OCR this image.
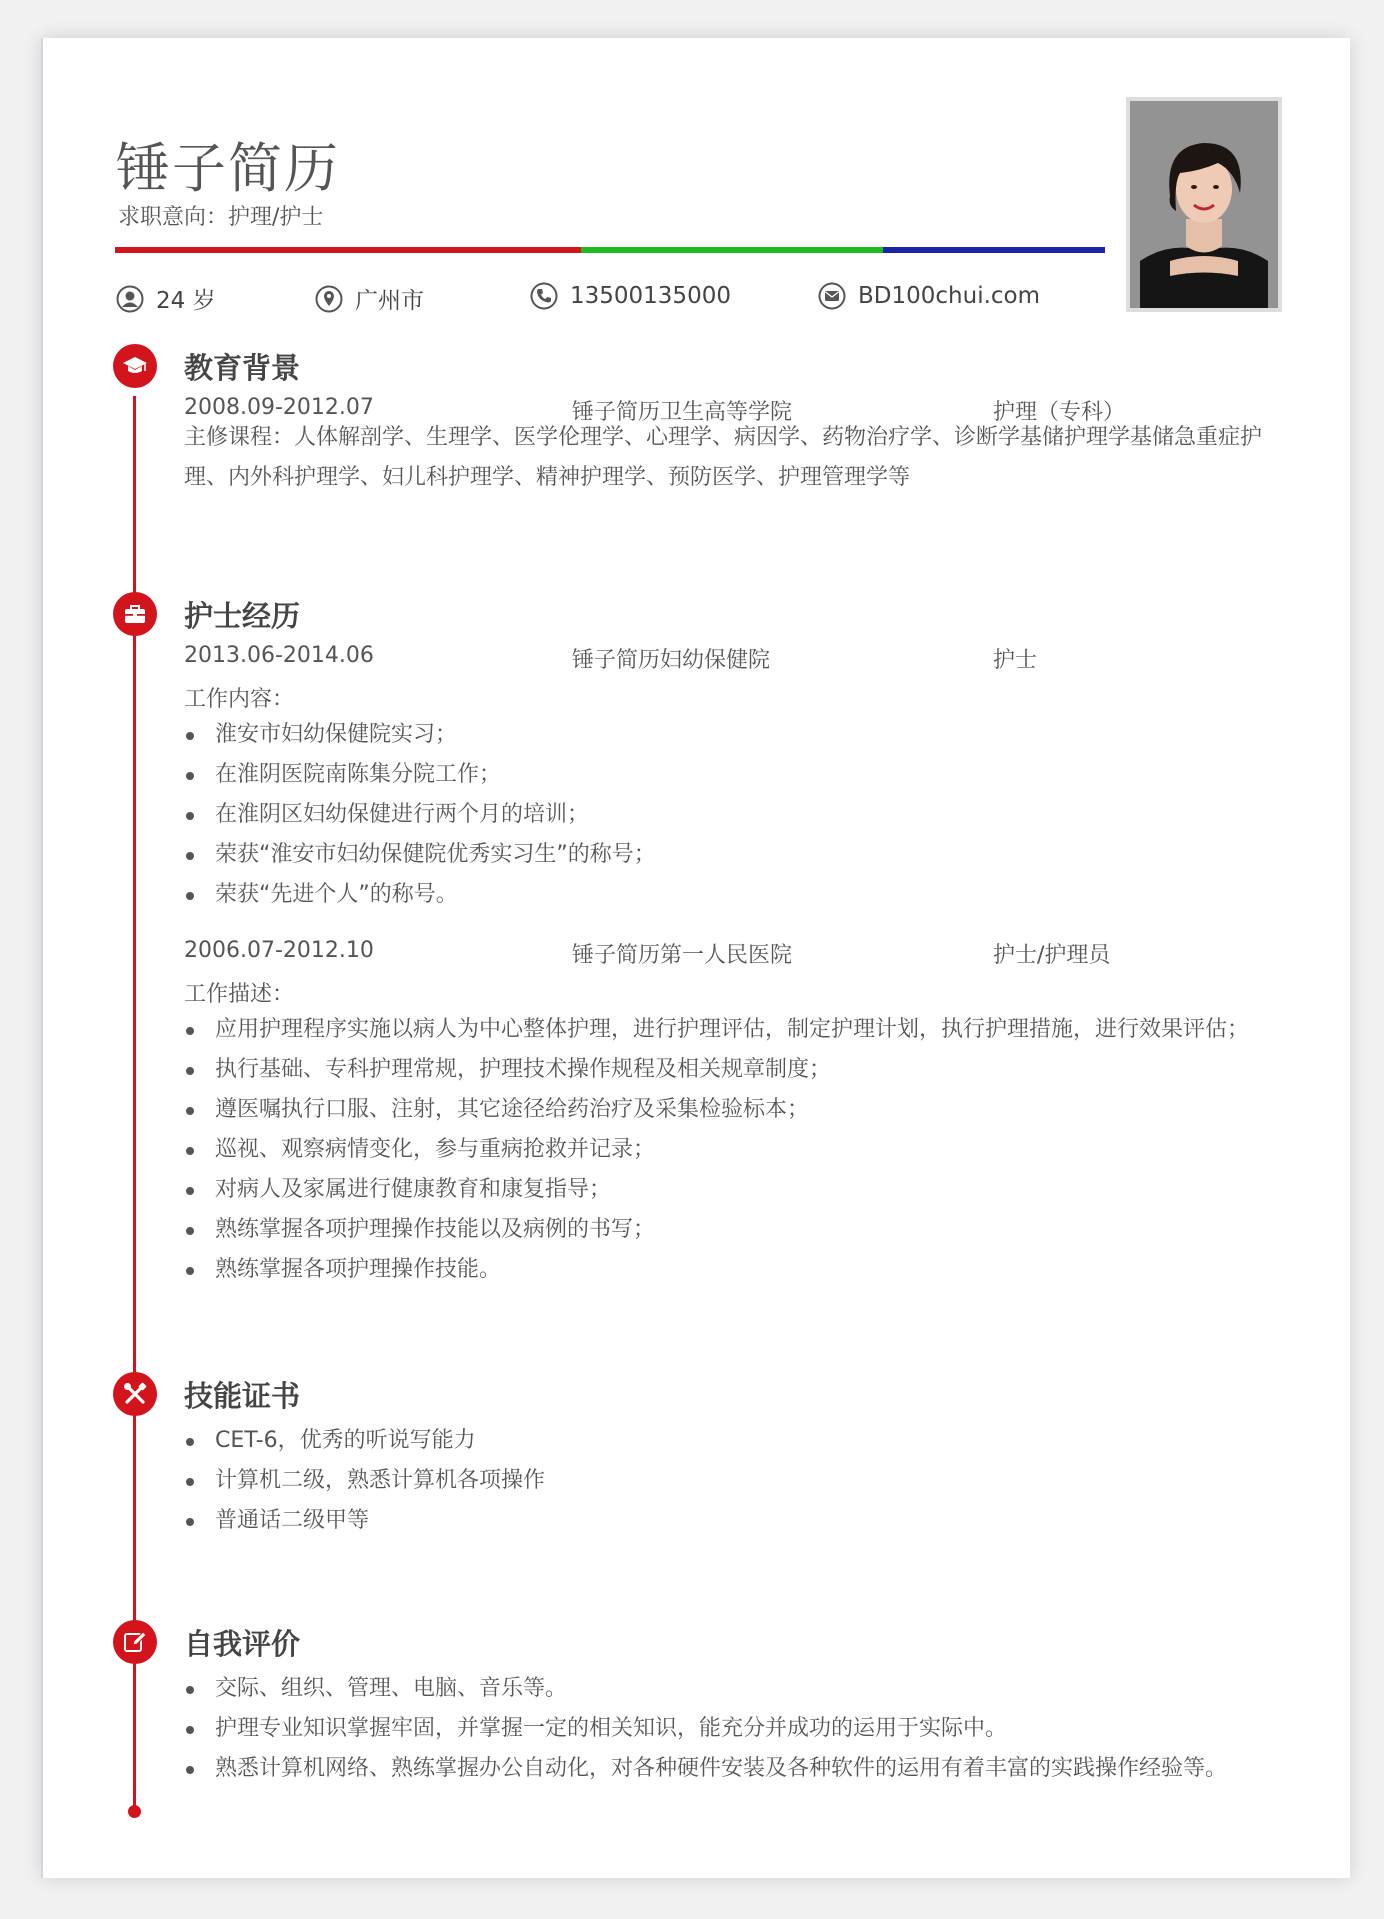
锤子简历
求职意向：护理/护士
24 岁	广州市	13500135000	BD100chui.com
教育背景
2008.09-2012.07	锤子简历卫生高等学院	护理（专科）
主修课程：人体解剖学、生理学、医学伦理学、心理学、病因学、药物治疗学、诊断学基储护理学基储急重症护理、内外科护理学、妇儿科护理学、精神护理学、预防医学、护理管理学等
护士经历
2013.06-2014.06	锤子简历妇幼保健院	护士
工作内容：
淮安市妇幼保健院实习；
在淮阴医院南陈集分院工作；
在淮阴区妇幼保健进行两个月的培训；
荣获“淮安市妇幼保健院优秀实习生”的称号；
荣获“先进个人”的称号。
2006.07-2012.10	锤子简历第一人民医院	护士/护理员
工作描述：
应用护理程序实施以病人为中心整体护理，进行护理评估，制定护理计划，执行护理措施，进行效果评估；
执行基础、专科护理常规，护理技术操作规程及相关规章制度；
遵医嘱执行口服、注射，其它途径给药治疗及采集检验标本；
巡视、观察病情变化，参与重病抢救并记录；
对病人及家属进行健康教育和康复指导；
熟练掌握各项护理操作技能以及病例的书写；
熟练掌握各项护理操作技能。
技能证书
CET-6，优秀的听说写能力
计算机二级，熟悉计算机各项操作
普通话二级甲等
自我评价
交际、组织、管理、电脑、音乐等。
护理专业知识掌握牢固，并掌握一定的相关知识，能充分并成功的运用于实际中。
熟悉计算机网络、熟练掌握办公自动化，对各种硬件安装及各种软件的运用有着丰富的实践操作经验等。
